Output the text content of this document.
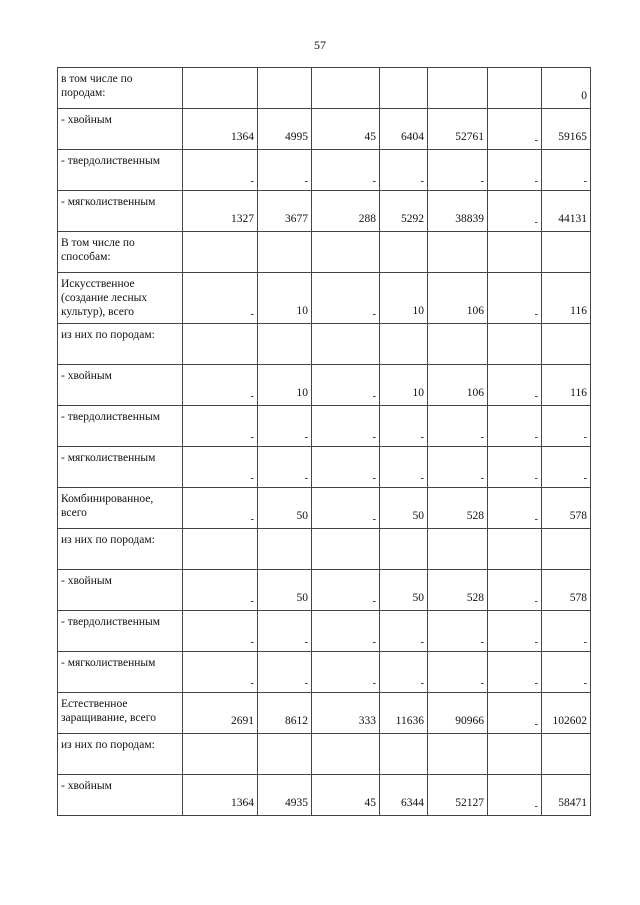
57
в том числе по породам:							0
- хвойным	1364	4995	45	6404	52761	-	59165
- твердолиственным	-	-	-	-	-	-	-
- мягколиственным	1327	3677	288	5292	38839	-	44131
В том числе по способам:							
Искусственное (создание лесных культур), всего	-	10	-	10	106	-	116
из них по породам:							
- хвойным	-	10	-	10	106	-	116
- твердолиственным	-	-	-	-	-	-	-
- мягколиственным	-	-	-	-	-	-	-
Комбинированное, всего	-	50	-	50	528	-	578
из них по породам:							
- хвойным	-	50	-	50	528	-	578
- твердолиственным	-	-	-	-	-	-	-
- мягколиственным	-	-	-	-	-	-	-
Естественное заращивание, всего	2691	8612	333	11636	90966	-	102602
из них по породам:							
- хвойным	1364	4935	45	6344	52127	-	58471
